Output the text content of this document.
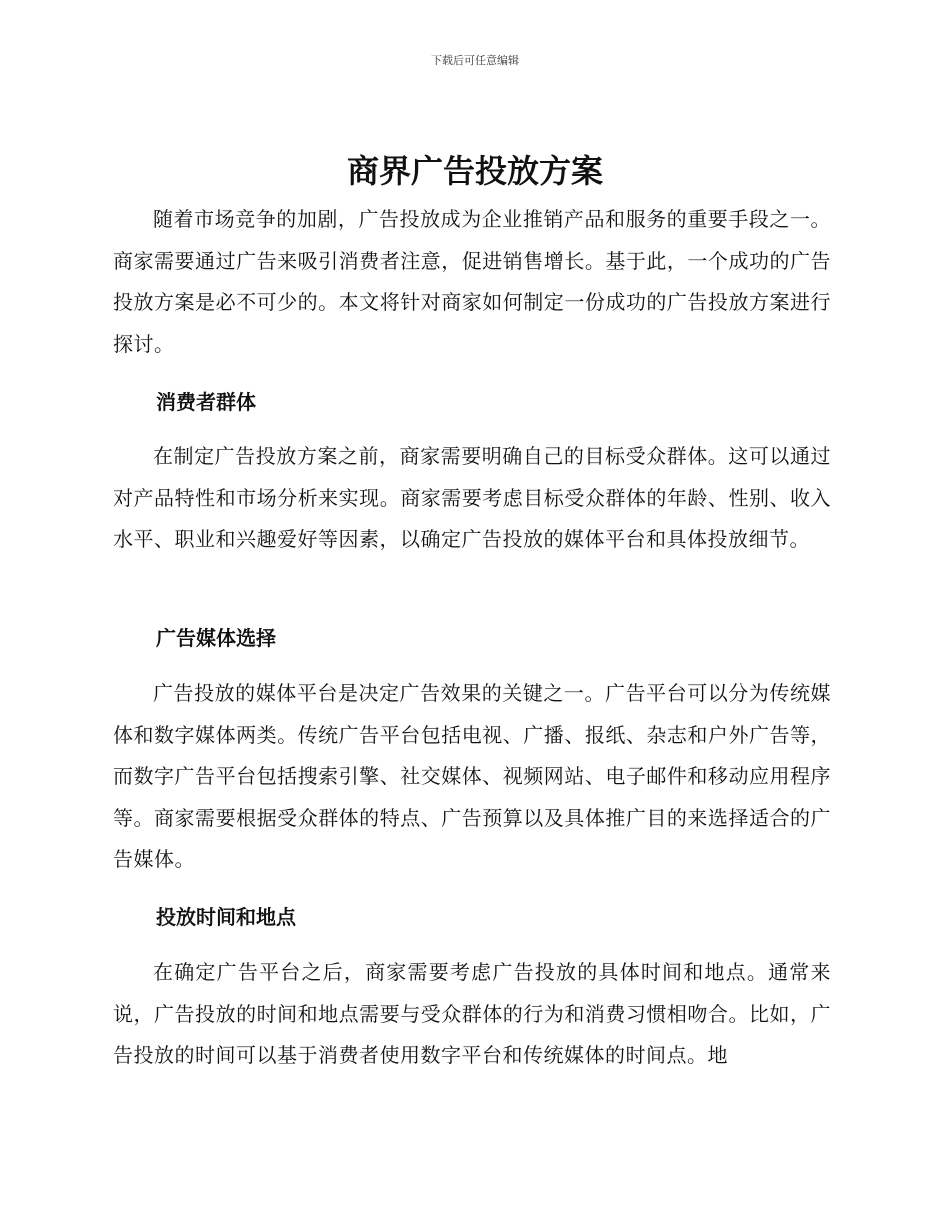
下载后可任意编辑
商界广告投放方案

随着市场竞争的加剧，广告投放成为企业推销产品和服务的重要手段之一。商家需要通过广告来吸引消费者注意，促进销售增长。基于此，一个成功的广告投放方案是必不可少的。本文将针对商家如何制定一份成功的广告投放方案进行探讨。

消费者群体

在制定广告投放方案之前，商家需要明确自己的目标受众群体。这可以通过对产品特性和市场分析来实现。商家需要考虑目标受众群体的年龄、性别、收入水平、职业和兴趣爱好等因素，以确定广告投放的媒体平台和具体投放细节。

广告媒体选择

广告投放的媒体平台是决定广告效果的关键之一。广告平台可以分为传统媒体和数字媒体两类。传统广告平台包括电视、广播、报纸、杂志和户外广告等，而数字广告平台包括搜索引擎、社交媒体、视频网站、电子邮件和移动应用程序等。商家需要根据受众群体的特点、广告预算以及具体推广目的来选择适合的广告媒体。

投放时间和地点

在确定广告平台之后，商家需要考虑广告投放的具体时间和地点。通常来说，广告投放的时间和地点需要与受众群体的行为和消费习惯相吻合。比如，广告投放的时间可以基于消费者使用数字平台和传统媒体的时间点。地
